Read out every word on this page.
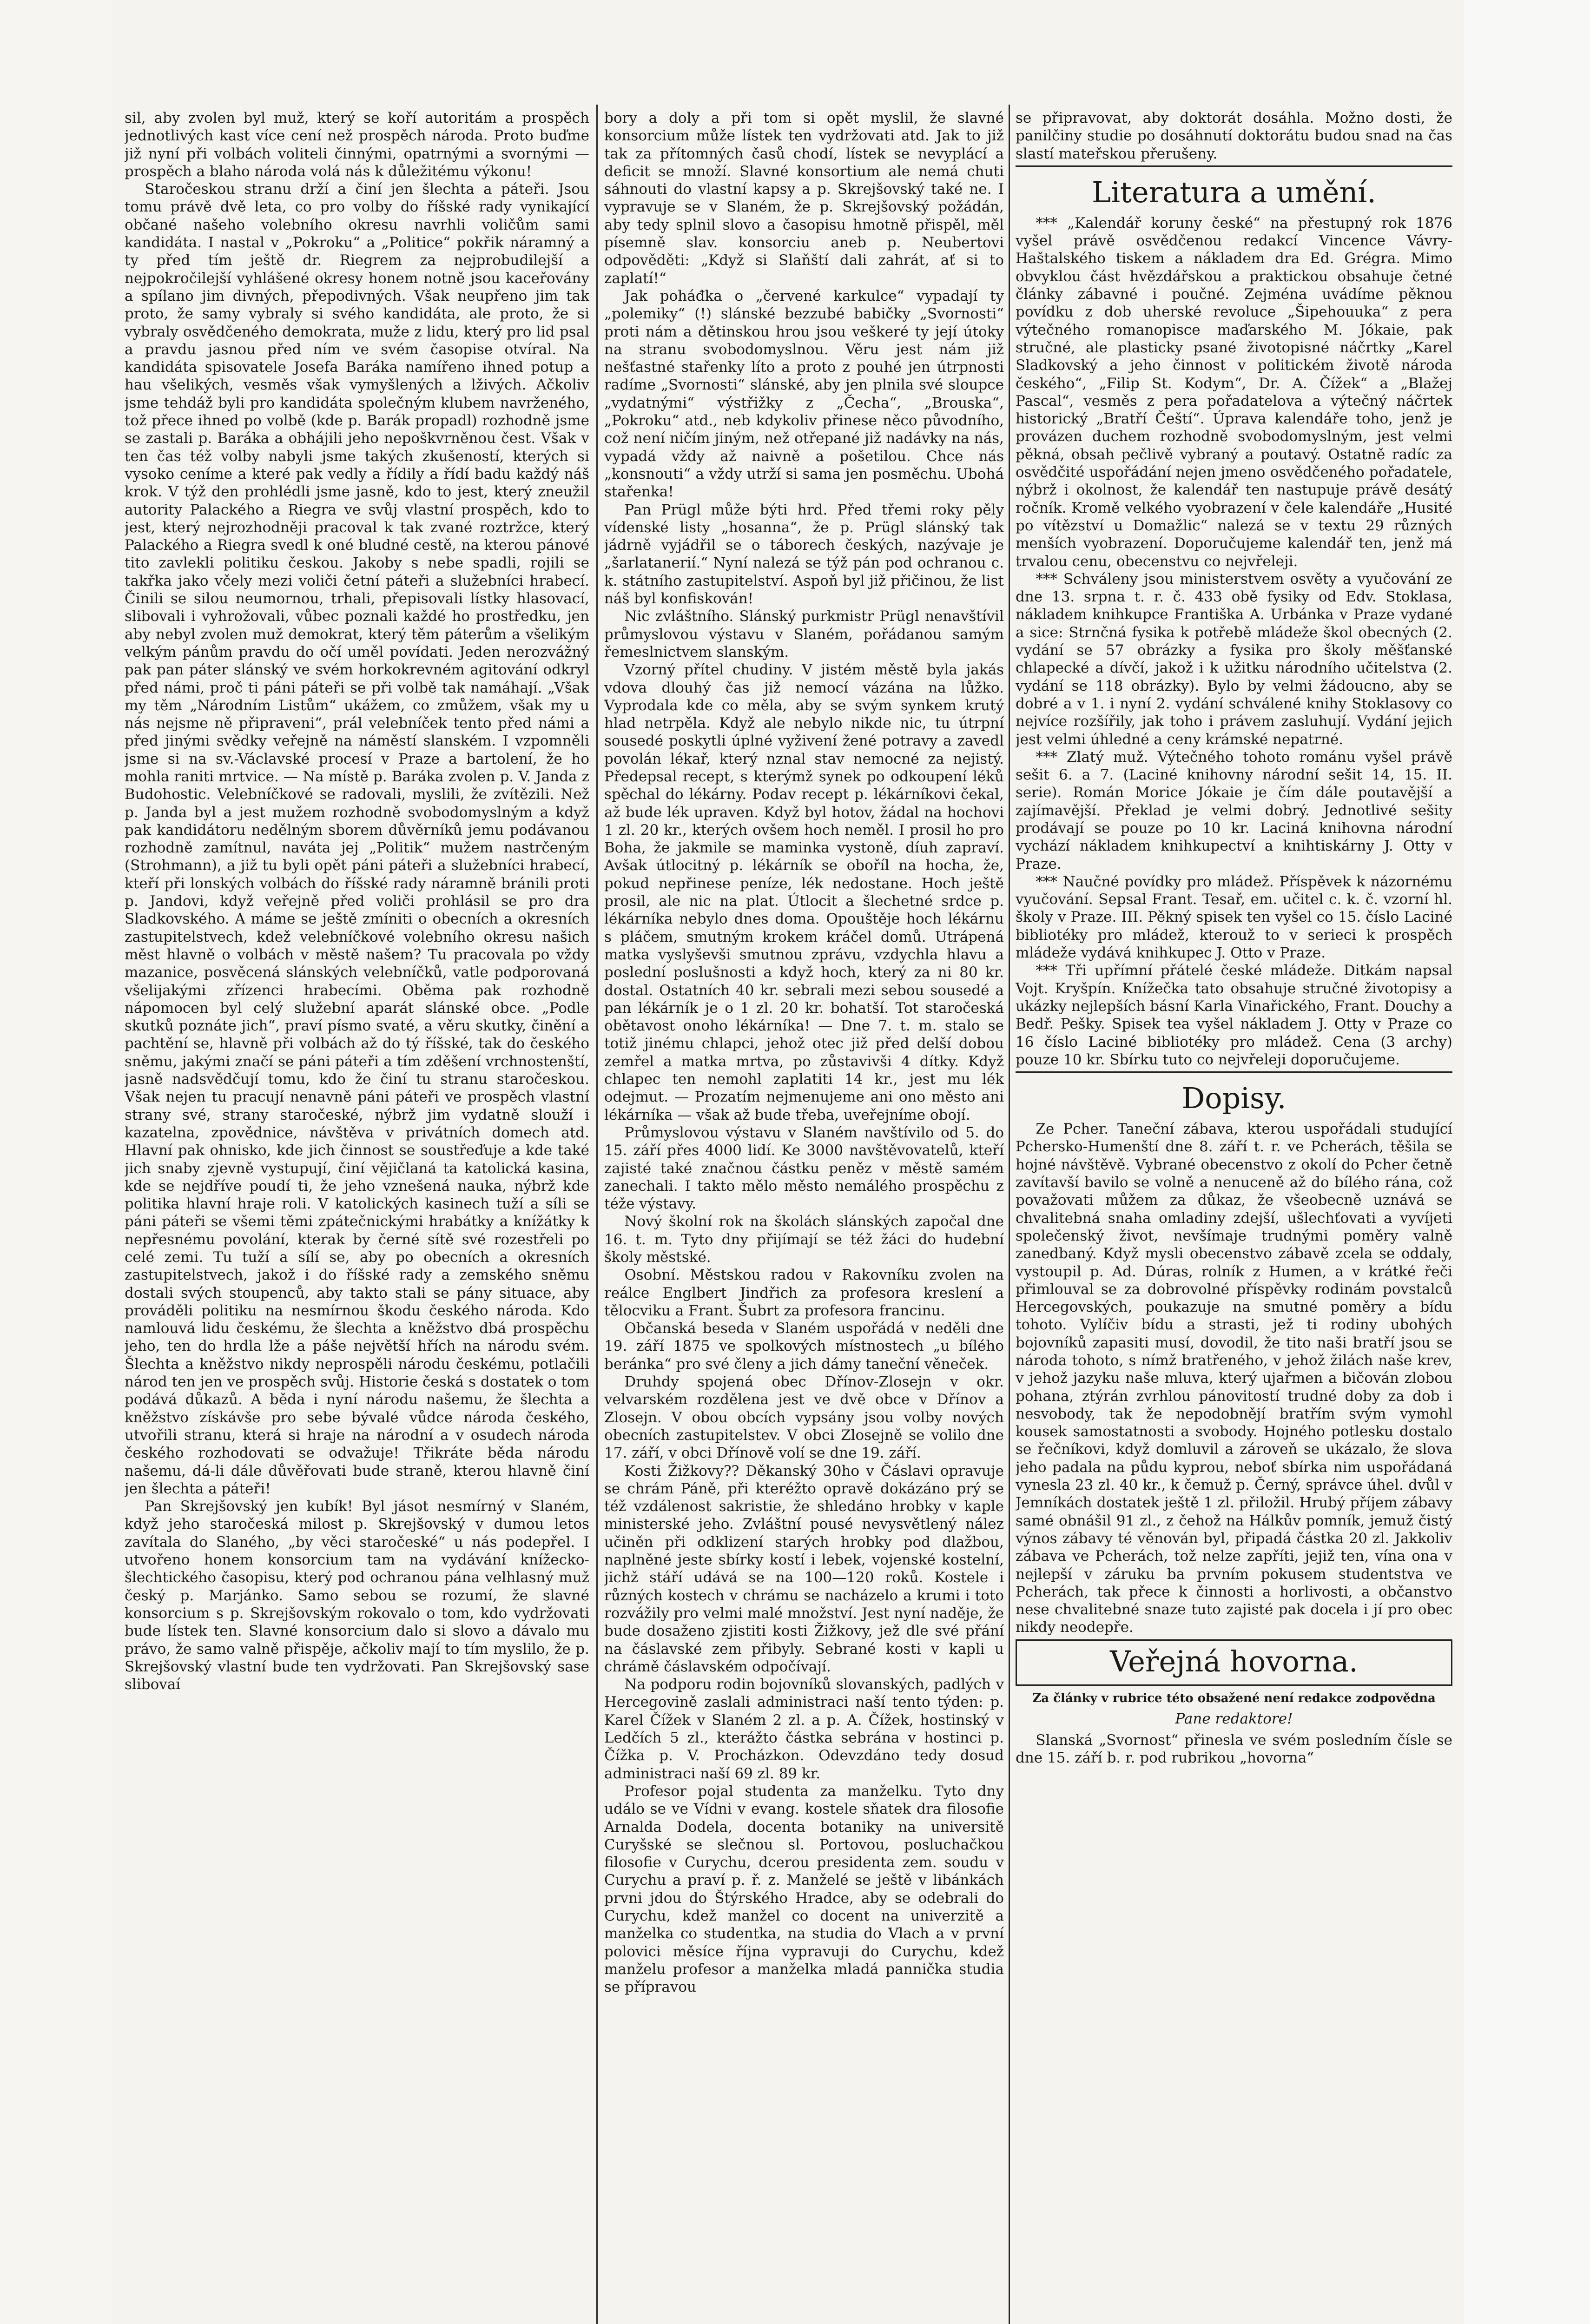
sil, aby zvolen byl muž, který se koří autoritám a prospěch jednotlivých kast více cení než prospěch národa. Proto buďme již nyní při volbách voliteli činnými, opatrnými a svornými — prospěch a blaho národa volá nás k důležitému výkonu!

Staročeskou stranu drží a činí jen šlechta a páteři. Jsou tomu právě dvě leta, co pro volby do říšské rady vynikající občané našeho volebního okresu navrhli voličům sami kandidáta. I nastal v „Pokroku“ a „Politice“ pokřik náramný a ty před tím ještě dr. Riegrem za nejprobudilejší a nejpokročilejší vyhlášené okresy honem notně jsou kaceřovány a spílano jim divných, přepodivných. Však neupřeno jim tak proto, že samy vybraly si svého kandidáta, ale proto, že si vybraly osvědčeného demokrata, muže z lidu, který pro lid psal a pravdu jasnou před ním ve svém časopise otvíral. Na kandidáta spisovatele Josefa Baráka namířeno ihned potup a hau všelikých, vesměs však vymyšlených a lživých. Ačkoliv jsme tehdáž byli pro kandidáta společným klubem navrženého, tož přece ihned po volbě (kde p. Barák propadl) rozhodně jsme se zastali p. Baráka a obhájili jeho nepoškvrněnou čest. Však v ten čas též volby nabyli jsme takých zkušeností, kterých si vysoko ceníme a které pak vedly a řídily a řídí badu každý náš krok. V týž den prohlédli jsme jasně, kdo to jest, který zneužil autority Palackého a Riegra ve svůj vlastní prospěch, kdo to jest, který nejrozhodněji pracoval k tak zvané roztržce, který Palackého a Riegra svedl k oné bludné cestě, na kterou pánové tito zavlekli politiku českou. Jakoby s nebe spadli, rojili se takřka jako včely mezi voliči četní páteři a služebníci hrabecí. Činili se silou neumornou, trhali, přepisovali lístky hlasovací, slibovali i vyhrožovali, vůbec poznali každé ho prostředku, jen aby nebyl zvolen muž demokrat, který těm páterům a všelikým velkým pánům pravdu do očí uměl povídati. Jeden nerozvážný pak pan páter slánský ve svém horkokrevném agitování odkryl před námi, proč ti páni páteři se při volbě tak namáhají. „Však my těm „Národním Listům“ ukážem, co zmůžem, však my u nás nejsme ně připraveni“, prál velebníček tento před námi a před jinými svědky veřejně na náměstí slanském. I vzpomněli jsme si na sv.-Václavské procesí v Praze a bartolení, že ho mohla raniti mrtvice. — Na místě p. Baráka zvolen p. V. Janda z Budohostic. Velebníčkové se radovali, myslili, že zvítězili. Než p. Janda byl a jest mužem rozhodně svobodomyslným a když pak kandidátoru nedělným sborem důvěrníků jemu podávanou rozhodně zamítnul, naváta jej „Politik“ mužem nastrčeným (Strohmann), a již tu byli opět páni páteři a služebníci hrabecí, kteří při lonských volbách do říšské rady náramně bránili proti p. Jandovi, když veřejně před voliči prohlásil se pro dra Sladkovského. A máme se ještě zmíniti o obecních a okresních zastupitelstvech, kdež velebníčkové volebního okresu našich měst hlavně o volbách v městě našem? Tu pracovala po vždy mazanice, posvěcená slánských velebníčků, vatle podporovaná všelijakými zřízenci hrabecími. Oběma pak rozhodně nápomocen byl celý služební aparát slánské obce. „Podle skutků poznáte jich“, praví písmo svaté, a věru skutky, činění a pachtění se, hlavně při volbách až do tý říšské, tak do českého sněmu, jakými značí se páni páteři a tím zděšení vrchnostenští, jasně nadsvědčují tomu, kdo že činí tu stranu staročeskou. Však nejen tu pracují nenavně páni páteři ve prospěch vlastní strany své, strany staročeské, nýbrž jim vydatně slouží i kazatelna, zpovědnice, návštěva v privátních domech atd. Hlavní pak ohnisko, kde jich činnost se soustřeďuje a kde také jich snaby zjevně vystupují, činí vějičlaná ta katolická kasina, kde se nejdříve poudí ti, že jeho vznešená nauka, nýbrž kde politika hlavní hraje roli. V katolických kasinech tuží a síli se páni páteři se všemi těmi zpátečnickými hrabátky a knížátky k nepřesnému povolání, kterak by černé sítě své rozestřeli po celé zemi. Tu tuží a sílí se, aby po obecních a okresních zastupitelstvech, jakož i do říšské rady a zemského sněmu dostali svých stoupenců, aby takto stali se pány situace, aby prováděli politiku na nesmírnou škodu českého národa. Kdo namlouvá lidu českému, že šlechta a kněžstvo dbá prospěchu jeho, ten do hrdla lže a páše největší hřích na národu svém. Šlechta a kněžstvo nikdy neprospěli národu českému, potlačili národ ten jen ve prospěch svůj. Historie česká s dostatek o tom podává důkazů. A běda i nyní národu našemu, že šlechta a kněžstvo získávše pro sebe bývalé vůdce národa českého, utvořili stranu, která si hraje na národní a v osudech národa českého rozhodovati se odvažuje! Třikráte běda národu našemu, dá-li dále důvěřovati bude straně, kterou hlavně činí jen šlechta a páteři!

Pan Skrejšovský jen kubík! Byl jásot nesmírný v Slaném, když jeho staročeská milost p. Skrejšovský v dumou letos zavítala do Slaného, „by věci staročeské“ u nás podepřel. I utvořeno honem konsorcium tam na vydávání knížecko-šlechtického časopisu, který pod ochranou pána velhlasný muž český p. Marjánko. Samo sebou se rozumí, že slavné konsorcium s p. Skrejšovským rokovalo o tom, kdo vydržovati bude lístek ten. Slavné konsorcium dalo si slovo a dávalo mu právo, že samo valně přispěje, ačkoliv mají to tím myslilo, že p. Skrejšovský vlastní bude ten vydržovati. Pan Skrejšovský sase slibovaí

bory a doly a při tom si opět myslil, že slavné konsorcium může lístek ten vydržovati atd. Jak to již tak za přítomných časů chodí, lístek se nevyplácí a deficit se množí. Slavné konsortium ale nemá chuti sáhnouti do vlastní kapsy a p. Skrejšovský také ne. I vypravuje se v Slaném, že p. Skrejšovský požádán, aby tedy splnil slovo a časopisu hmotně přispěl, měl písemně slav. konsorciu aneb p. Neubertovi odpověděti: „Když si Slaňští dali zahrát, ať si to zaplatí!“

Jak poháđka o „červené karkulce“ vypadají ty „polemiky“ (!) slánské bezzubé babičky „Svornosti“ proti nám a dětinskou hrou jsou veškeré ty její útoky na stranu svobodomyslnou. Věru jest nám již nešťastné stařenky líto a proto z pouhé jen útrpnosti radíme „Svornosti“ slánské, aby jen plnila své sloupce „vydatnými“ výstřižky z „Čecha“, „Brouska“, „Pokroku“ atd., neb kdykoliv přinese něco původního, což není ničím jiným, než otřepané již nadávky na nás, vypadá vždy až naivně a pošetilou. Chce nás „konsnouti“ a vždy utrží si sama jen posměchu. Ubohá stařenka!

Pan Prügl může býti hrd. Před třemi roky pěly vídenské listy „hosanna“, že p. Prügl slánský tak jádrně vyjádřil se o táborech českých, nazývaje je „šarlatanerií.“ Nyní nalezá se týž pán pod ochranou c. k. státního zastupitelství. Aspoň byl již přičinou, že list náš byl konfiskován!

Nic zvláštního. Slánský purkmistr Prügl nenavštívil průmyslovou výstavu v Slaném, pořádanou samým řemeslnictvem slanským.

Vzorný přítel chudiny. V jistém městě byla jakás vdova dlouhý čas již nemocí vázána na lůžko. Vyprodala kde co měla, aby se svým synkem krutý hlad netrpěla. Když ale nebylo nikde nic, tu útrpní sousedé poskytli úplné vyživení žené potravy a zavedl povolán lékař, který nznal stav nemocné za nejistý. Předepsal recept, s kterýmž synek po odkoupení léků spěchal do lékárny. Podav recept p. lékárníkovi čekal, až bude lék upraven. Když byl hotov, žádal na hochovi 1 zl. 20 kr., kterých ovšem hoch neměl. I prosil ho pro Boha, že jakmile se maminka vystoně, díuh zapraví. Avšak útlocitný p. lékárník se oboříl na hocha, že, pokud nepřinese peníze, lék nedostane. Hoch ještě prosil, ale nic na plat. Útlocit a šlechetné srdce p. lékárníka nebylo dnes doma. Opouštěje hoch lékárnu s pláčem, smutným krokem kráčel domů. Utrápená matka vyslyševši smutnou zprávu, vzdychla hlavu a poslední poslušnosti a když hoch, který za ni 80 kr. dostal. Ostatních 40 kr. sebrali mezi sebou sousedé a pan lékárník je o 1 zl. 20 kr. bohatší. Tot staročeská obětavost onoho lékárníka! — Dne 7. t. m. stalo se totiž jinému chlapci, jehož otec již před delší dobou zemřel a matka mrtva, po zůstavivši 4 dítky. Když chlapec ten nemohl zaplatiti 14 kr., jest mu lék odejmut. — Prozatím nejmenujeme ani ono město ani lékárníka — však až bude třeba, uveřejníme obojí.

Průmyslovou výstavu v Slaném navštívilo od 5. do 15. září přes 4000 lidí. Ke 3000 navštěvovatelů, kteří zajisté také značnou částku peněz v městě samém zanechali. I takto mělo město nemálého prospěchu z téže výstavy.

Nový školní rok na školách slánských započal dne 16. t. m. Tyto dny přijímají se též žáci do hudební školy městské.

Osobní. Městskou radou v Rakovníku zvolen na reálce Englbert Jindřich za profesora kreslení a tělocviku a Frant. Šubrt za profesora francinu.

Občanská beseda v Slaném uspořádá v neděli dne 19. září 1875 ve spolkových místnostech „u bílého beránka“ pro své členy a jich dámy taneční věneček.

Druhdy spojená obec Dřínov-Zlosejn v okr. velvarském rozdělena jest ve dvě obce v Dřínov a Zlosejn. V obou obcích vypsány jsou volby nových obecních zastupitelstev. V obci Zlosejně se volilo dne 17. září, v obci Dřínově volí se dne 19. září.

Kosti Žižkovy?? Děkanský 30ho v Čáslavi opravuje se chrám Páně, při kteréžto opravě dokázáno prý se též vzdálenost sakristie, že shledáno hrobky v kaple ministerské jeho. Zvláštní pousé nevysvětlený nález učiněn při odklizení starých hrobky pod dlažbou, naplněné jeste sbírky kostí i lebek, vojenské kostelní, jichž stáří udává se na 100—120 roků. Kostele i různých kostech v chrámu se nacházelo a krumi i toto rozvážily pro velmi malé množství. Jest nyní naděje, že bude dosaženo zjistiti kosti Žižkovy, jež dle své přání na čáslavské zem přibyly. Sebrané kosti v kapli u chrámě čáslavském odpočívají.

Na podporu rodin bojovníků slovanských, padlých v Hercegovině zaslali administraci naší tento týden: p. Karel Čížek v Slaném 2 zl. a p. A. Čížek, hostinský v Ledčích 5 zl., kterážto částka sebrána v hostinci p. Čížka p. V. Procházkon. Odevzdáno tedy dosud administraci naší 69 zl. 89 kr.

Profesor pojal studenta za manželku. Tyto dny událo se ve Vídni v evang. kostele sňatek dra filosofie Arnalda Dodela, docenta botaniky na universitě Curyšské se slečnou sl. Portovou, posluchačkou filosofie v Curychu, dcerou presidenta zem. soudu v Curychu a praví p. ř. z. Manželé se ještě v libánkách prvni jdou do Štýrského Hradce, aby se odebrali do Curychu, kdež manžel co docent na univerzitě a manželka co studentka, na studia do Vlach a v první polovici měsíce října vypravuji do Curychu, kdež manželu profesor a manželka mladá pannička studia se přípravou

se připravovat, aby doktorát dosáhla. Možno dosti, že panilčiny studie po dosáhnutí doktorátu budou snad na čas slastí mateřskou přerušeny.

Literatura a umění.

*** „Kalendář koruny české“ na přestupný rok 1876 vyšel právě osvědčenou redakcí Vincence Vávry-Haštalského tiskem a nákladem dra Ed. Grégra. Mimo obvyklou část hvězdářskou a praktickou obsahuje četné články zábavné i poučné. Zejména uvádíme pěknou povídku z dob uherské revoluce „Šipehouuka“ z pera výtečného romanopisce maďarského M. Jókaie, pak stručné, ale plasticky psané životopisné náčrtky „Karel Sladkovský a jeho činnost v politickém životě národa českého“, „Filip St. Kodym“, Dr. A. Čížek“ a „Blažej Pascal“, vesměs z pera pořadatelova a výtečný náčrtek historický „Bratří Čeští“. Úprava kalendáře toho, jenž je provázen duchem rozhodně svobodomyslným, jest velmi pěkná, obsah pečlivě vybraný a poutavý. Ostatně radíc za osvědčité uspořádání nejen jmeno osvědčeného pořadatele, nýbrž i okolnost, že kalendář ten nastupuje právě desátý ročník. Kromě velkého vyobrazení v čele kalendáře „Husité po vítězství u Domažlic“ nalezá se v textu 29 různých menších vyobrazení. Doporučujeme kalendář ten, jenž má trvalou cenu, obecenstvu co nejvřeleji.

*** Schváleny jsou ministerstvem osvěty a vyučování ze dne 13. srpna t. r. č. 433 obě fysiky od Edv. Stoklasa, nákladem knihkupce Františka A. Urbánka v Praze vydané a sice: Strnčná fysika k potřebě mládeže škol obecných (2. vydání se 57 obrázky a fysika pro školy měšťanské chlapecké a dívčí, jakož i k užitku národního učitelstva (2. vydání se 118 obrázky). Bylo by velmi žádoucno, aby se dobré a v 1. i nyní 2. vydání schválené knihy Stoklasovy co nejvíce rozšířily, jak toho i právem zasluhují. Vydání jejich jest velmi úhledné a ceny krámské nepatrné.

*** Zlatý muž. Výtečného tohoto románu vyšel právě sešit 6. a 7. (Laciné knihovny národní sešit 14, 15. II. serie). Román Morice Jókaie je čím dále poutavější a zajímavější. Překlad je velmi dobrý. Jednotlivé sešity prodávají se pouze po 10 kr. Laciná knihovna národní vychází nákladem knihkupectví a knihtiskárny J. Otty v Praze.

*** Naučné povídky pro mládež. Příspěvek k názornému vyučování. Sepsal Frant. Tesař, em. učitel c. k. č. vzorní hl. školy v Praze. III. Pěkný spisek ten vyšel co 15. číslo Laciné bibliotéky pro mládež, kterouž to v serieci k prospěch mládeže vydává knihkupec J. Otto v Praze.

*** Tři upřímní přátelé české mládeže. Ditkám napsal Vojt. Kryšpín. Knížečka tato obsahuje stručné životopisy a ukázky nejlepších básní Karla Vinařického, Frant. Douchy a Bedř. Pešky. Spisek tea vyšel nákladem J. Otty v Praze co 16 číslo Laciné bibliotéky pro mládež. Cena (3 archy) pouze 10 kr. Sbírku tuto co nejvřeleji doporučujeme.

Dopisy.

Ze Pcher. Taneční zábava, kterou uspořádali studující Pchersko-Humenští dne 8. září t. r. ve Pcherách, těšila se hojné návštěvě. Vybrané obecenstvo z okolí do Pcher četně zavítavší bavilo se volně a nenuceně až do bílého rána, což považovati můžem za důkaz, že všeobecně uznává se chvalitebná snaha omladiny zdejší, ušlechťovati a vyvíjeti společenský život, nevšímaje trudnými poměry valně zanedbaný. Když mysli obecenstvo zábavě zcela se oddaly, vystoupil p. Ad. Dúras, rolník z Humen, a v krátké řeči přimlouval se za dobrovolné příspěvky rodinám povstalců Hercegovských, poukazuje na smutné poměry a bídu tohoto. Vylíčiv bídu a strasti, jež ti rodiny ubohých bojovníků zapasiti musí, dovodil, že tito naši bratří jsou se národa tohoto, s nímž bratřeného, v jehož žilách naše krev, v jehož jazyku naše mluva, který ujařmen a bičován zlobou pohana, ztýrán zvrhlou pánovitostí trudné doby za dob i nesvobody, tak že nepodobnějí bratřím svým vymohl kousek samostatnosti a svobody. Hojného potlesku dostalo se řečníkovi, když domluvil a zároveň se ukázalo, že slova jeho padala na půdu kyprou, neboť sbírka nim uspořádaná vynesla 23 zl. 40 kr., k čemuž p. Černý, správce úhel. dvůl v Jemníkách dostatek ještě 1 zl. přiložil. Hrubý příjem zábavy samé obnášil 91 zl., z čehož na Hálkův pomník, jemuž čistý výnos zábavy té věnován byl, připadá částka 20 zl. Jakkoliv zábava ve Pcherách, tož nelze zapříti, jejiž ten, vína ona v nejlepší v záruku ba prvním pokusem studentstva ve Pcherách, tak přece k činnosti a horlivosti, a občanstvo nese chvalitebné snaze tuto zajisté pak docela i jí pro obec nikdy neodepře.

Veřejná hovorna.
Za články v rubrice této obsažené není redakce zodpovědna
Pane redaktore!

Slanská „Svornost“ přinesla ve svém posledním čísle se dne 15. září b. r. pod rubrikou „hovorna“
